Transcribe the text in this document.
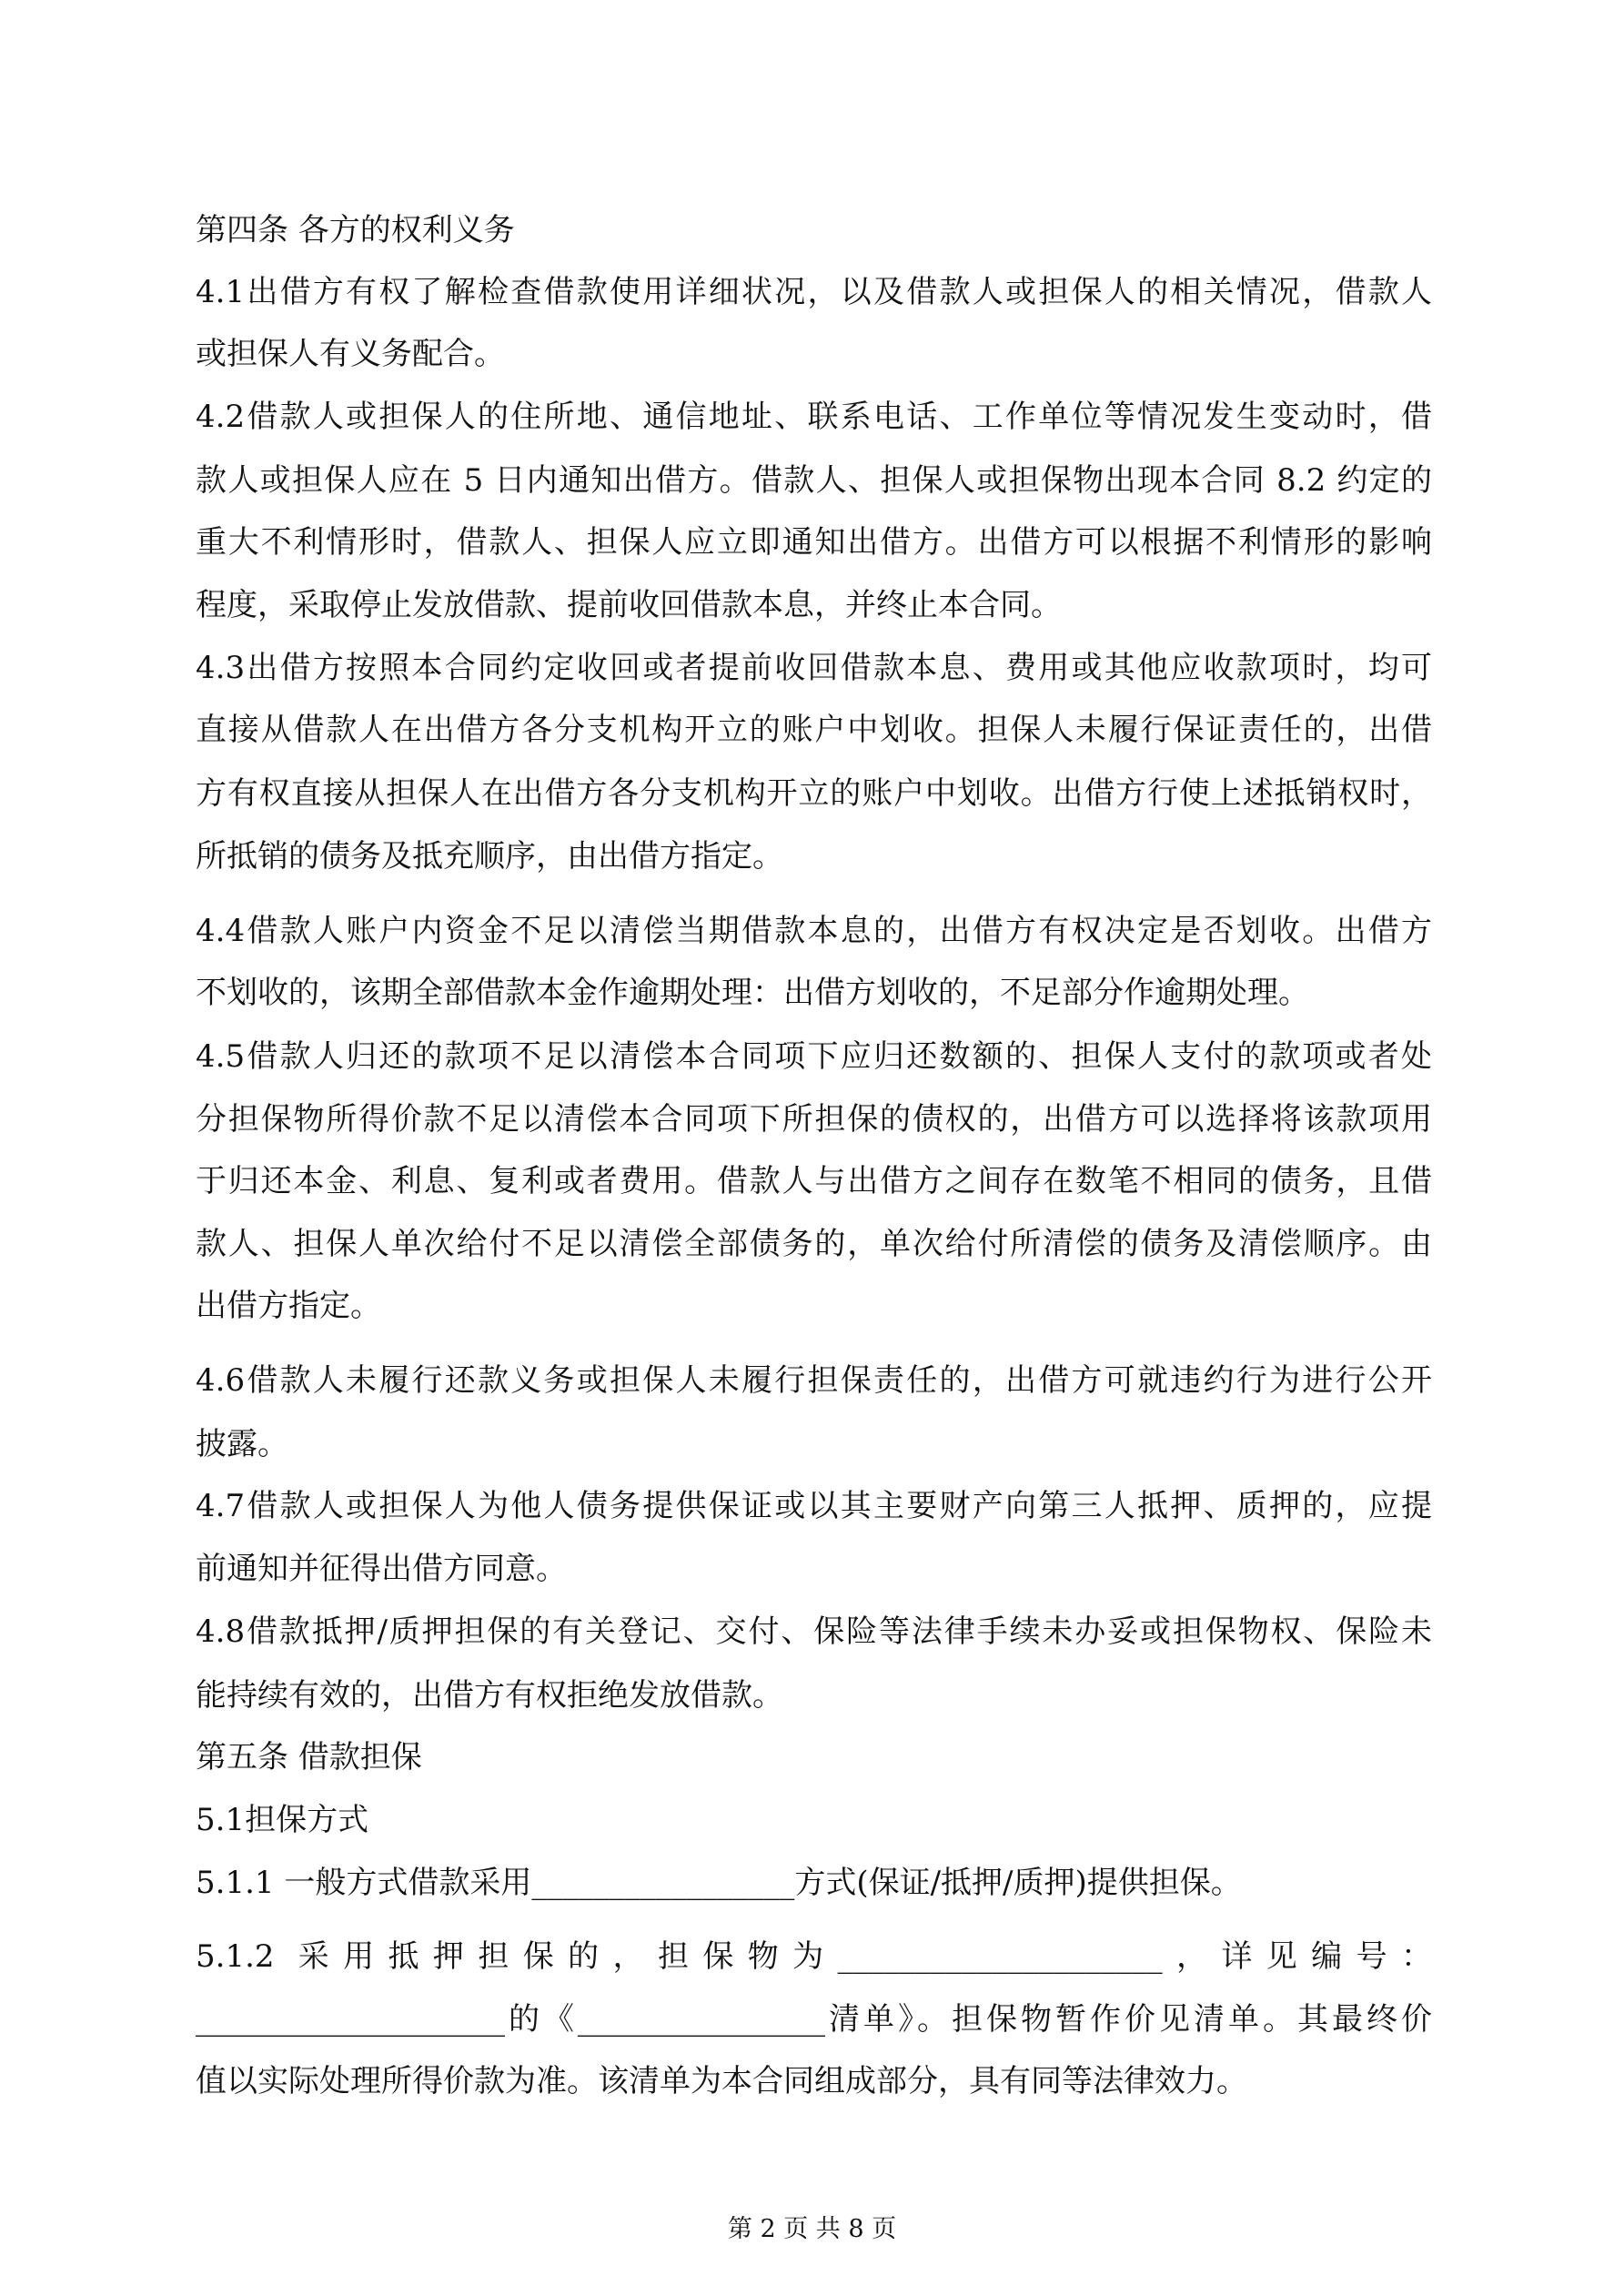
第四条 各方的权利义务
4.1出借方有权了解检查借款使用详细状况，以及借款人或担保人的相关情况，借款人
或担保人有义务配合。
4.2借款人或担保人的住所地、通信地址、联系电话、工作单位等情况发生变动时，借
款人或担保人应在 5 日内通知出借方。借款人、担保人或担保物出现本合同 8.2 约定的
重大不利情形时，借款人、担保人应立即通知出借方。出借方可以根据不利情形的影响
程度，采取停止发放借款、提前收回借款本息，并终止本合同。
4.3出借方按照本合同约定收回或者提前收回借款本息、费用或其他应收款项时，均可
直接从借款人在出借方各分支机构开立的账户中划收。担保人未履行保证责任的，出借
方有权直接从担保人在出借方各分支机构开立的账户中划收。出借方行使上述抵销权时，
所抵销的债务及抵充顺序，由出借方指定。
4.4借款人账户内资金不足以清偿当期借款本息的，出借方有权决定是否划收。出借方
不划收的，该期全部借款本金作逾期处理：出借方划收的，不足部分作逾期处理。
4.5借款人归还的款项不足以清偿本合同项下应归还数额的、担保人支付的款项或者处
分担保物所得价款不足以清偿本合同项下所担保的债权的，出借方可以选择将该款项用
于归还本金、利息、复利或者费用。借款人与出借方之间存在数笔不相同的债务，且借
款人、担保人单次给付不足以清偿全部债务的，单次给付所清偿的债务及清偿顺序。由
出借方指定。
4.6借款人未履行还款义务或担保人未履行担保责任的，出借方可就违约行为进行公开
披露。
4.7借款人或担保人为他人债务提供保证或以其主要财产向第三人抵押、质押的，应提
前通知并征得出借方同意。
4.8借款抵押/质押担保的有关登记、交付、保险等法律手续未办妥或担保物权、保险未
能持续有效的，出借方有权拒绝发放借款。
第五条 借款担保
5.1担保方式
5.1.1 一般方式借款采用_________________方式(保证/抵押/质押)提供担保。
5.1.2 采用抵押担保的，担保物为_____________________，详见编号：
____________________的《________________清单》。担保物暂作价见清单。其最终价
值以实际处理所得价款为准。该清单为本合同组成部分，具有同等法律效力。
第 2 页 共 8 页
